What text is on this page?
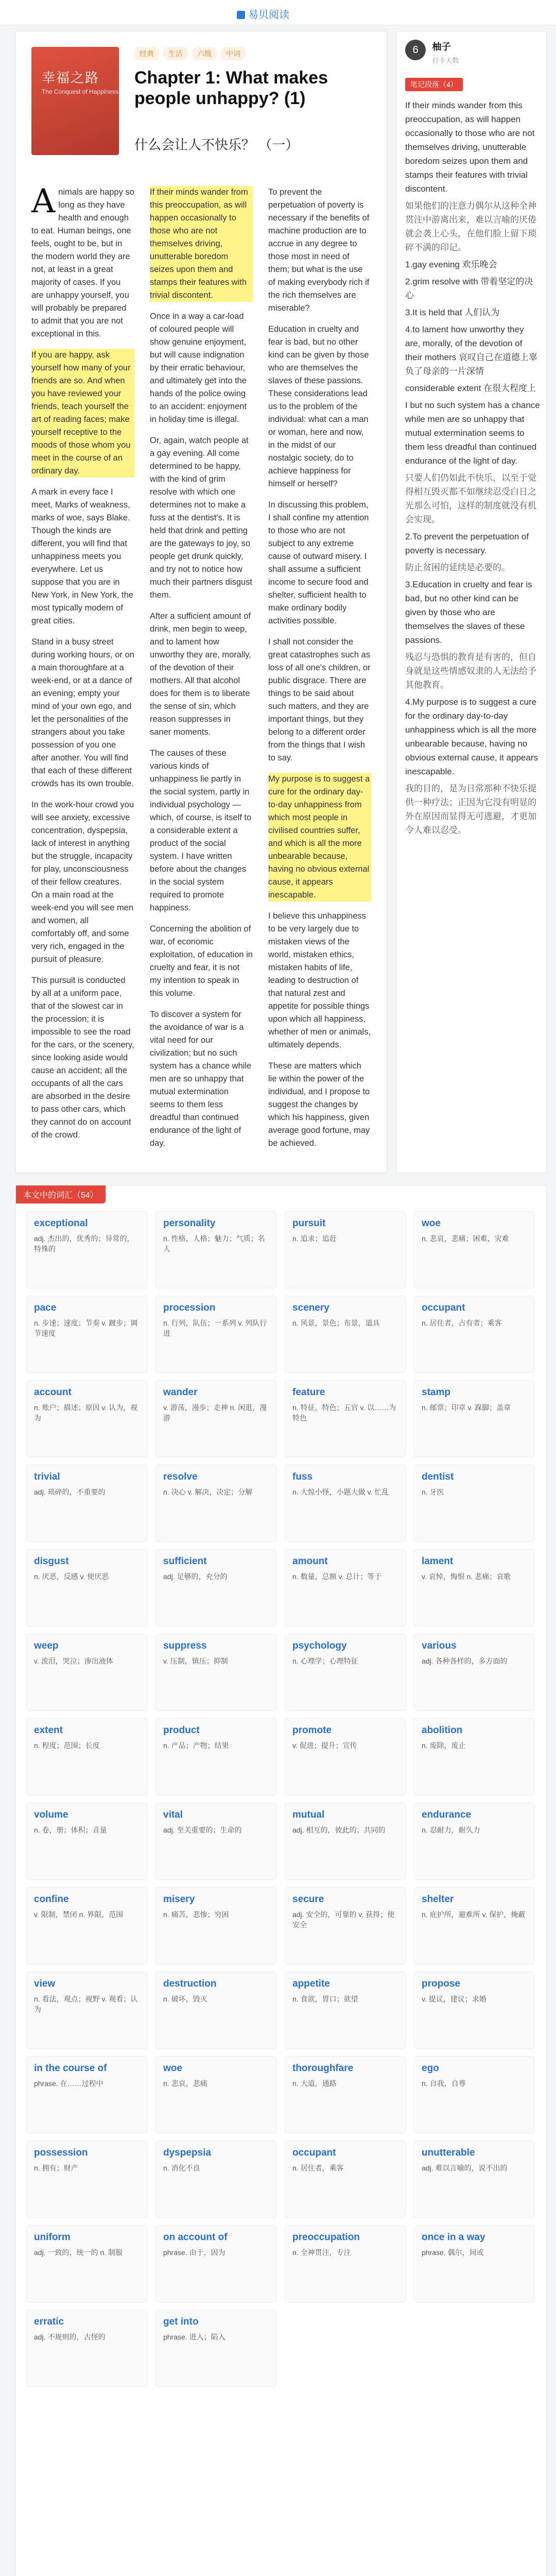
易贝阅读
幸福之路
The Conquest of Happiness
经典 生活 六级 中词
Chapter 1: What makes people unhappy? (1)
什么会让人不快乐？ （一）

Animals are happy so long as they have health and enough to eat. Human beings, one feels, ought to be, but in the modern world they are not, at least in a great majority of cases. If you are unhappy yourself, you will probably be prepared to admit that you are not exceptional in this.

If you are happy, ask yourself how many of your friends are so. And when you have reviewed your friends, teach yourself the art of reading faces; make yourself receptive to the moods of those whom you meet in the course of an ordinary day.

A mark in every face I meet, Marks of weakness, marks of woe, says Blake. Though the kinds are different, you will find that unhappiness meets you everywhere. Let us suppose that you are in New York, in New York, the most typically modern of great cities.

Stand in a busy street during working hours, or on a main thoroughfare at a week-end, or at a dance of an evening; empty your mind of your own ego, and let the personalities of the strangers about you take possession of you one after another. You will find that each of these different crowds has its own trouble.

In the work-hour crowd you will see anxiety, excessive concentration, dyspepsia, lack of interest in anything but the struggle, incapacity for play, unconsciousness of their fellow creatures. On a main road at the week-end you will see men and women, all comfortably off, and some very rich, engaged in the pursuit of pleasure.

This pursuit is conducted by all at a uniform pace, that of the slowest car in the procession; it is impossible to see the road for the cars, or the scenery, since looking aside would cause an accident; all the occupants of all the cars are absorbed in the desire to pass other cars, which they cannot do on account of the crowd.

If their minds wander from this preoccupation, as will happen occasionally to those who are not themselves driving, unutterable boredom seizes upon them and stamps their features with trivial discontent.

Once in a way a car-load of coloured people will show genuine enjoyment, but will cause indignation by their erratic behaviour, and ultimately get into the hands of the police owing to an accident: enjoyment in holiday time is illegal.

Or, again, watch people at a gay evening. All come determined to be happy, with the kind of grim resolve with which one determines not to make a fuss at the dentist's. It is held that drink and petting are the gateways to joy, so people get drunk quickly, and try not to notice how much their partners disgust them.

After a sufficient amount of drink, men begin to weep, and to lament how unworthy they are, morally, of the devotion of their mothers. All that alcohol does for them is to liberate the sense of sin, which reason suppresses in saner moments.

The causes of these various kinds of unhappiness lie partly in the social system, partly in individual psychology — which, of course, is itself to a considerable extent a product of the social system. I have written before about the changes in the social system required to promote happiness.

Concerning the abolition of war, of economic exploitation, of education in cruelty and fear, it is not my intention to speak in this volume.

To discover a system for the avoidance of war is a vital need for our civilization; but no such system has a chance while men are so unhappy that mutual extermination seems to them less dreadful than continued endurance of the light of day.

To prevent the perpetuation of poverty is necessary if the benefits of machine production are to accrue in any degree to those most in need of them; but what is the use of making everybody rich if the rich themselves are miserable?

Education in cruelty and fear is bad, but no other kind can be given by those who are themselves the slaves of these passions. These considerations lead us to the problem of the individual: what can a man or woman, here and now, in the midst of our nostalgic society, do to achieve happiness for himself or herself?

In discussing this problem, I shall confine my attention to those who are not subject to any extreme cause of outward misery. I shall assume a sufficient income to secure food and shelter, sufficient health to make ordinary bodily activities possible.

I shall not consider the great catastrophes such as loss of all one's children, or public disgrace. There are things to be said about such matters, and they are important things, but they belong to a different order from the things that I wish to say.

My purpose is to suggest a cure for the ordinary day-to-day unhappiness from which most people in civilised countries suffer, and which is all the more unbearable because, having no obvious external cause, it appears inescapable.

I believe this unhappiness to be very largely due to mistaken views of the world, mistaken ethics, mistaken habits of life, leading to destruction of that natural zest and appetite for possible things upon which all happiness, whether of men or animals, ultimately depends.

These are matters which lie within the power of the individual, and I propose to suggest the changes by which his happiness, given average good fortune, may be achieved.

6 柚子
打卡天数
笔记段落（4）

If their minds wander from this preoccupation, as will happen occasionally to those who are not themselves driving, unutterable boredom seizes upon them and stamps their features with trivial discontent.

如果他们的注意力偶尔从这种全神贯注中游离出来，难以言喻的厌倦就会袭上心头，在他们脸上留下琐碎不满的印记。

1.gay evening 欢乐晚会

2.grim resolve with 带着坚定的决心

3.It is held that 人们认为

4.to lament how unworthy they are, morally, of the devotion of their mothers 哀叹自己在道德上辜负了母亲的一片深情

considerable extent 在很大程度上

I but no such system has a chance while men are so unhappy that mutual extermination seems to them less dreadful than continued endurance of the light of day.

只要人们仍如此不快乐，以至于觉得相互毁灭都不如继续忍受白日之光那么可怕，这样的制度就没有机会实现。

2.To prevent the perpetuation of poverty is necessary.

防止贫困的延续是必要的。

3.Education in cruelty and fear is bad, but no other kind can be given by those who are themselves the slaves of these passions.

残忍与恐惧的教育是有害的，但自身就是这些情感奴隶的人无法给予其他教育。

4.My purpose is to suggest a cure for the ordinary day-to-day unhappiness which is all the more unbearable because, having no obvious external cause, it appears inescapable.

我的目的，是为日常那种不快乐提供一种疗法；正因为它没有明显的外在原因而显得无可逃避，才更加令人难以忍受。

本文中的词汇（54）
exceptional
adj. 杰出的，优秀的；异常的，特殊的
personality
n. 性格，人格；魅力；气质；名人
pursuit
n. 追求；追赶
woe
n. 悲哀，悲痛；困难，灾难
pace
n. 步速；速度；节奏 v. 踱步；调节速度
procession
n. 行列，队伍；一系列 v. 列队行进
scenery
n. 风景，景色；布景，道具
occupant
n. 居住者，占有者；乘客
account
n. 账户；描述；原因 v. 认为，视为
wander
v. 游荡，漫步；走神 n. 闲逛，漫游
feature
n. 特征，特色；五官 v. 以……为特色
stamp
n. 邮票；印章 v. 跺脚；盖章
trivial
adj. 琐碎的，不重要的
resolve
n. 决心 v. 解决，决定；分解
fuss
n. 大惊小怪，小题大做 v. 忙乱
dentist
n. 牙医
disgust
n. 厌恶，反感 v. 使厌恶
sufficient
adj. 足够的，充分的
amount
n. 数量，总额 v. 总计；等于
lament
v. 哀悼，悔恨 n. 悲痛；哀歌
weep
v. 流泪，哭泣；渗出液体
suppress
v. 压制，镇压；抑制
psychology
n. 心理学；心理特征
various
adj. 各种各样的，多方面的
extent
n. 程度；范围；长度
product
n. 产品；产物；结果
promote
v. 促进；提升；宣传
abolition
n. 废除，废止
volume
n. 卷，册；体积；音量
vital
adj. 至关重要的；生命的
mutual
adj. 相互的，彼此的；共同的
endurance
n. 忍耐力，耐久力
confine
v. 限制，禁闭 n. 界限，范围
misery
n. 痛苦，悲惨；穷困
secure
adj. 安全的，可靠的 v. 获得；使安全
shelter
n. 庇护所，避难所 v. 保护，掩蔽
view
n. 看法，观点；视野 v. 观看；认为
destruction
n. 破坏，毁灭
appetite
n. 食欲，胃口；欲望
propose
v. 提议，建议；求婚
in the course of
phrase. 在……过程中
woe
n. 悲哀，悲痛
thoroughfare
n. 大道，通路
ego
n. 自我，自尊
possession
n. 拥有；财产
dyspepsia
n. 消化不良
occupant
n. 居住者，乘客
unutterable
adj. 难以言喻的，说不出的
uniform
adj. 一致的，统一的 n. 制服
on account of
phrase. 由于，因为
preoccupation
n. 全神贯注，专注
once in a way
phrase. 偶尔，间或
erratic
adj. 不规则的，古怪的
get into
phrase. 进入；陷入
